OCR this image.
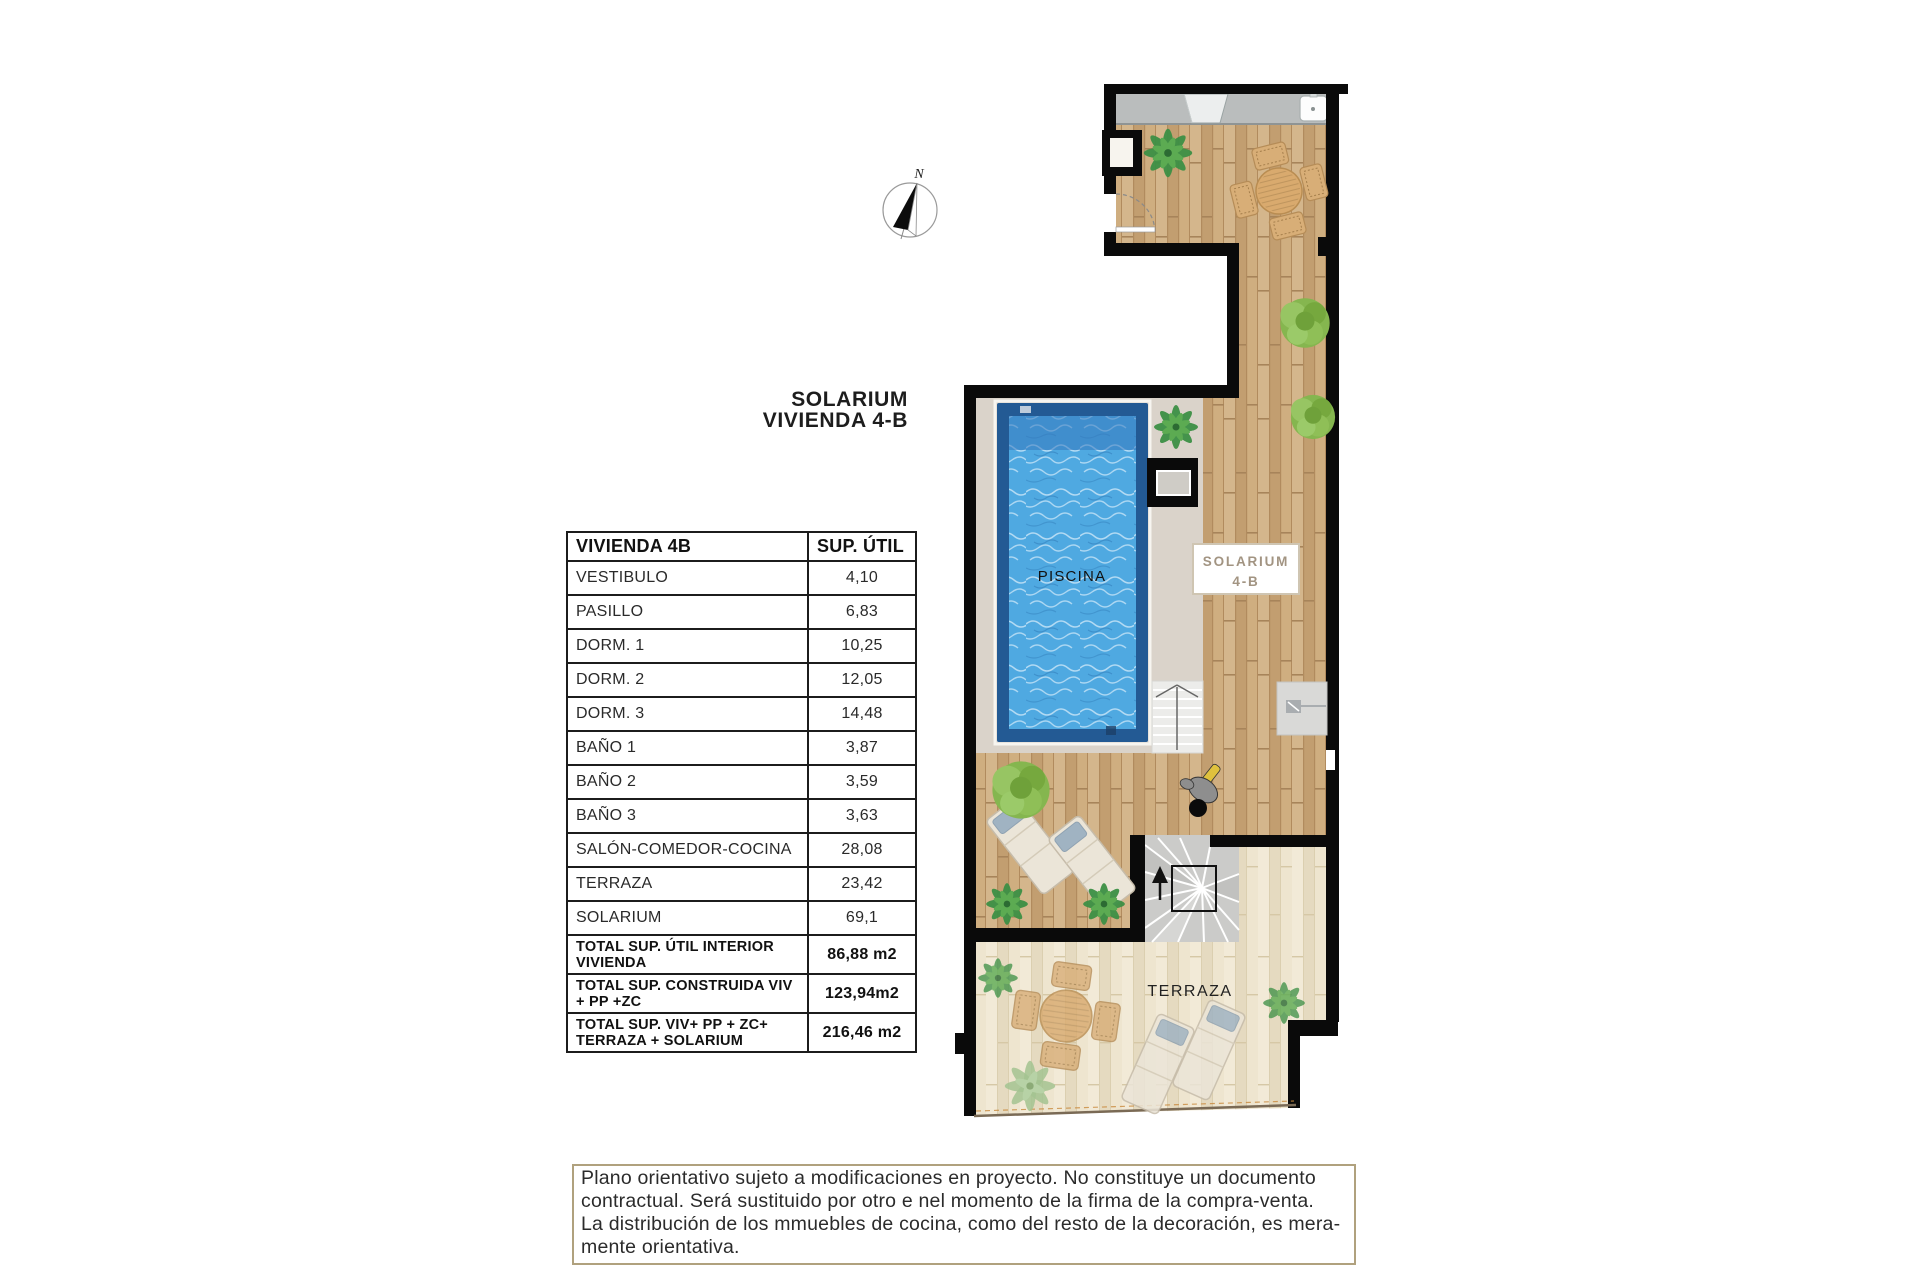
SOLARIUM
VIVIENDA 4-B
VIVIENDA 4B	SUP. ÚTIL
VESTIBULO	4,10
PASILLO	6,83
DORM. 1	10,25
DORM. 2	12,05
DORM. 3	14,48
BAÑO 1	3,87
BAÑO 2	3,59
BAÑO 3	3,63
SALÓN-COMEDOR-COCINA	28,08
TERRAZA	23,42
SOLARIUM	69,1
TOTAL SUP. ÚTIL INTERIOR VIVIENDA	86,88 m2
TOTAL SUP. CONSTRUIDA VIV + PP +ZC	123,94m2
TOTAL SUP. VIV+ PP + ZC+ TERRAZA + SOLARIUM	216,46 m2
PISCINA
SOLARIUM
4-B
TERRAZA
N
Plano orientativo sujeto a modificaciones en proyecto. No constituye un documento
contractual. Será sustituido por otro e nel momento de la firma de la compra-venta.
La distribución de los mmuebles de cocina, como del resto de la decoración, es mera-
mente orientativa.
